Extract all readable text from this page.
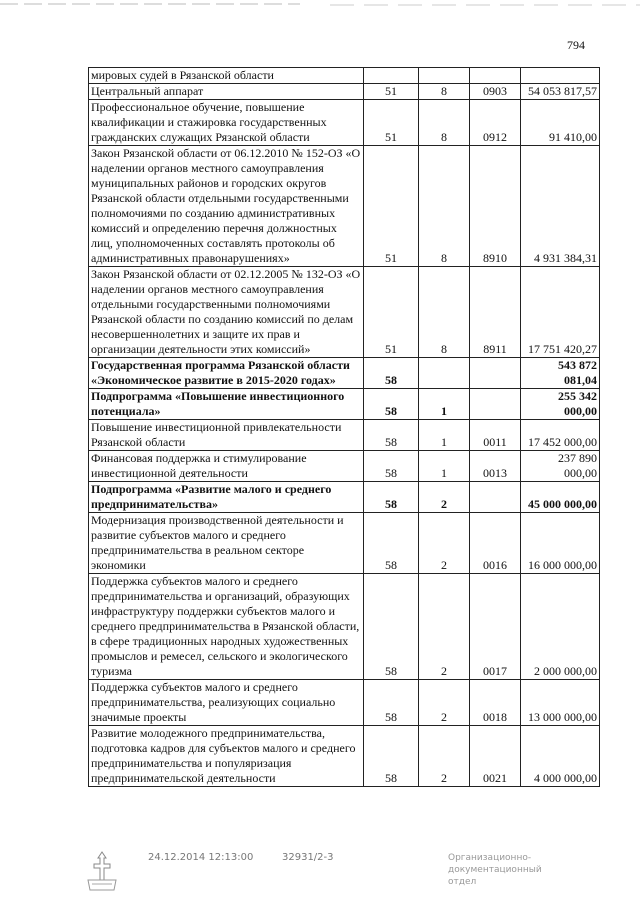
794
мировых судей в Рязанской области				
Центральный аппарат	51	8	0903	54 053 817,57
Профессиональное обучение, повышение квалификации и стажировка государственных гражданских служащих Рязанской области	51	8	0912	91 410,00
Закон Рязанской области от 06.12.2010 № 152-ОЗ «О наделении органов местного самоуправления муниципальных районов и городских округов Рязанской области отдельными государственными полномочиями по созданию административных комиссий и определению перечня должностных лиц, уполномоченных составлять протоколы об административных правонарушениях»	51	8	8910	4 931 384,31
Закон Рязанской области от 02.12.2005 № 132-ОЗ «О наделении органов местного самоуправления отдельными государственными полномочиями Рязанской области по созданию комиссий по делам несовершеннолетних и защите их прав и организации деятельности этих комиссий»	51	8	8911	17 751 420,27
Государственная программа Рязанской области «Экономическое развитие в 2015-2020 годах»	58			543 872 081,04
Подпрограмма «Повышение инвестиционного потенциала»	58	1		255 342 000,00
Повышение инвестиционной привлекательности Рязанской области	58	1	0011	17 452 000,00
Финансовая поддержка и стимулирование инвестиционной деятельности	58	1	0013	237 890 000,00
Подпрограмма «Развитие малого и среднего предпринимательства»	58	2		45 000 000,00
Модернизация производственной деятельности и развитие субъектов малого и среднего предпринимательства в реальном секторе экономики	58	2	0016	16 000 000,00
Поддержка субъектов малого и среднего предпринимательства и организаций, образующих инфраструктуру поддержки субъектов малого и среднего предпринимательства в Рязанской области, в сфере традиционных народных художественных промыслов и ремесел, сельского и экологического туризма	58	2	0017	2 000 000,00
Поддержка субъектов малого и среднего предпринимательства, реализующих социально значимые проекты	58	2	0018	13 000 000,00
Развитие молодежного предпринимательства, подготовка кадров для субъектов малого и среднего предпринимательства и популяризация предпринимательской деятельности	58	2	0021	4 000 000,00
24.12.2014 12:13:00	32931/2-3	Организационно-документационный отдел
